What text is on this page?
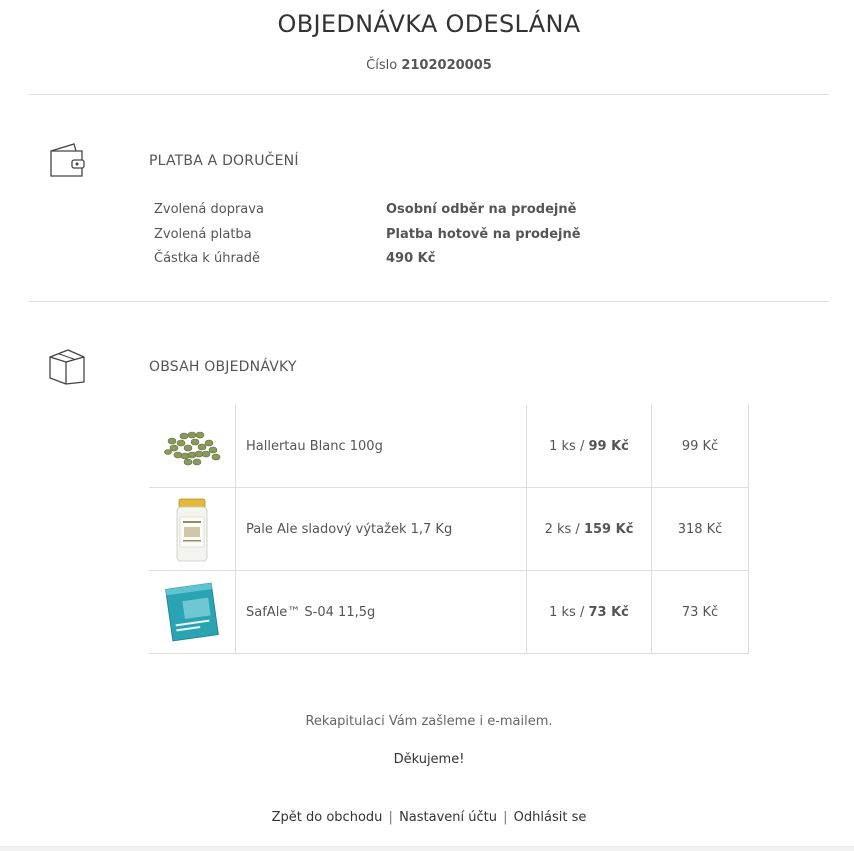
OBJEDNÁVKA ODESLÁNA
Číslo 2102020005
PLATBA A DORUČENÍ
Zvolená doprava	Osobní odběr na prodejně
Zvolená platba	Platba hotově na prodejně
Částka k úhradě	490 Kč
OBSAH OBJEDNÁVKY
	Hallertau Blanc 100g	1 ks / 99 Kč	99 Kč

	Pale Ale sladový výtažek 1,7 Kg	2 ks / 159 Kč	318 Kč

	SafAle™ S-04 11,5g	1 ks / 73 Kč	73 Kč
Rekapitulaci Vám zašleme i e-mailem.
Děkujeme!
Zpět do obchodu | Nastavení účtu | Odhlásit se
